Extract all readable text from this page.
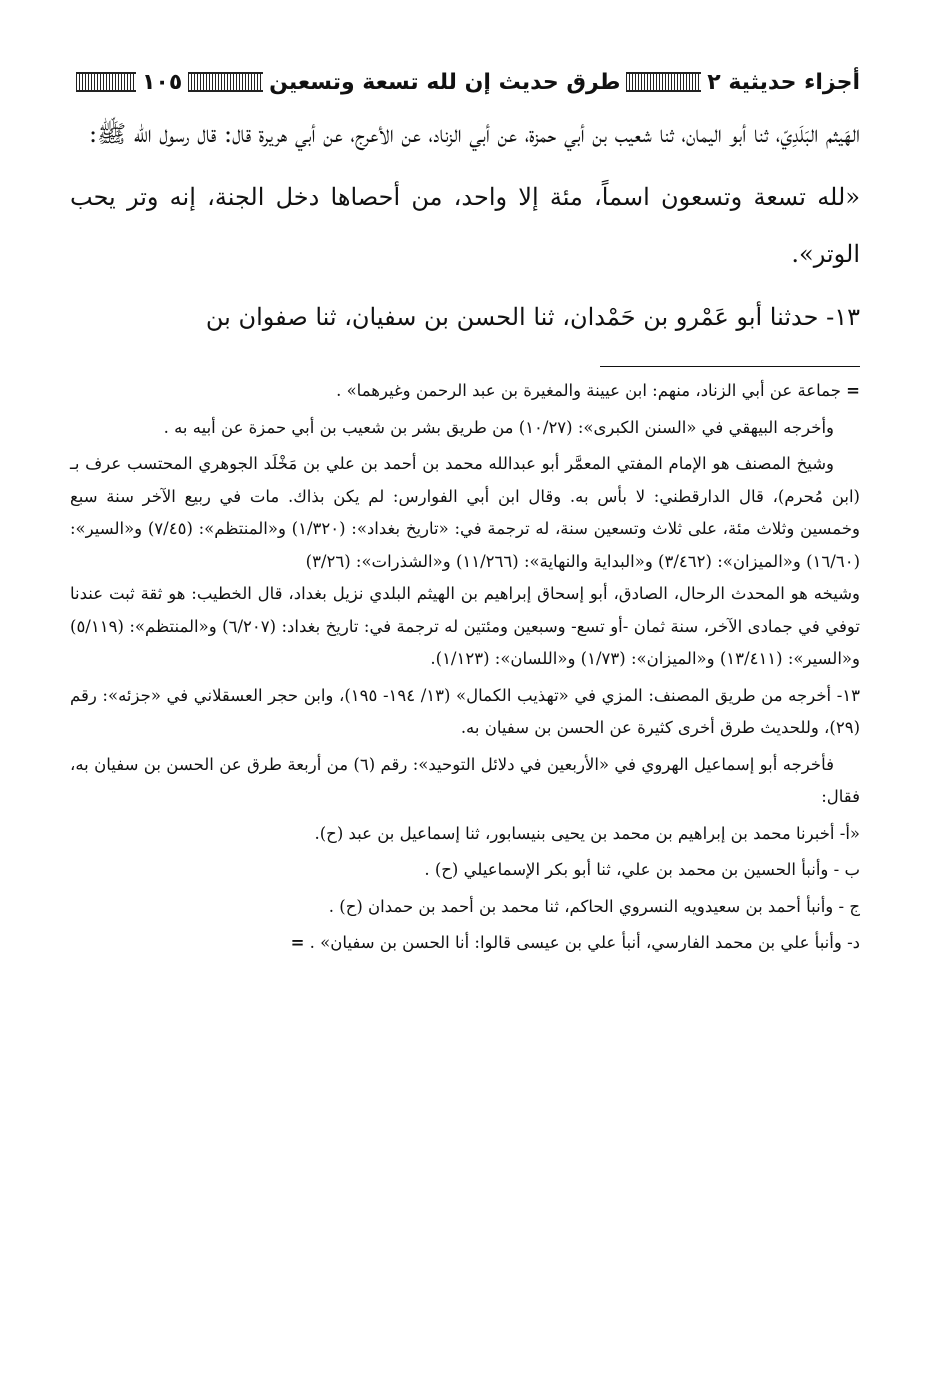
أجزاء حديثية ٢
طرق حديث إن لله تسعة وتسعين
١٠٥

الهَيثم البَلَدِيّ، ثنا أبو اليمان، ثنا شعيب بن أبي حمزة، عن أبي الزناد، عن الأعرج، عن أبي هريرة قال: قال رسول الله ﷺ:

«لله تسعة وتسعون اسماً، مئة إلا واحد، من أحصاها دخل الجنة، إنه وتر يحب الوتر».

١٣- حدثنا أبو عَمْرو بن حَمْدان، ثنا الحسن بن سفيان، ثنا صفوان بن

= جماعة عن أبي الزناد، منهم: ابن عيينة والمغيرة بن عبد الرحمن وغيرهما» .

وأخرجه البيهقي في «السنن الكبرى»: (١٠/٢٧) من طريق بشر بن شعيب بن أبي حمزة عن أبيه به .

وشيخ المصنف هو الإمام المفتي المعمَّر أبو عبدالله محمد بن أحمد بن علي بن مَخْلَد الجوهري المحتسب عرف بـ (ابن مُحرم)، قال الدارقطني: لا بأس به. وقال ابن أبي الفوارس: لم يكن بذاك. مات في ربيع الآخر سنة سبع وخمسين وثلاث مئة، على ثلاث وتسعين سنة، له ترجمة في: «تاريخ بغداد»: (١/٣٢٠) و«المنتظم»: (٧/٤٥) و«السير»: (١٦/٦٠) و«الميزان»: (٣/٤٦٢) و«البداية والنهاية»: (١١/٢٦٦) و«الشذرات»: (٣/٢٦)

وشيخه هو المحدث الرحال، الصادق، أبو إسحاق إبراهيم بن الهيثم البلدي نزيل بغداد، قال الخطيب: هو ثقة ثبت عندنا توفي في جمادى الآخر، سنة ثمان -أو تسع- وسبعين ومئتين له ترجمة في: تاريخ بغداد: (٦/٢٠٧) و«المنتظم»: (٥/١١٩) و«السير»: (١٣/٤١١) و«الميزان»: (١/٧٣) و«اللسان»: (١/١٢٣).

١٣- أخرجه من طريق المصنف: المزي في «تهذيب الكمال» (١٣/ ١٩٤- ١٩٥)، وابن حجر العسقلاني في «جزئه»: رقم (٢٩)، وللحديث طرق أخرى كثيرة عن الحسن بن سفيان به.

فأخرجه أبو إسماعيل الهروي في «الأربعين في دلائل التوحيد»: رقم (٦) من أربعة طرق عن الحسن بن سفيان به، فقال:

«أ- أخبرنا محمد بن إبراهيم بن محمد بن يحيى بنيسابور، ثنا إسماعيل بن عبد (ح).

ب - وأنبأ الحسين بن محمد بن علي، ثنا أبو بكر الإسماعيلي (ح) .

ج - وأنبأ أحمد بن سعيدويه النسروي الحاكم، ثنا محمد بن أحمد بن حمدان (ح) .

د- وأنبأ علي بن محمد الفارسي، أنبأ علي بن عيسى قالوا: أنا الحسن بن سفيان» . =
